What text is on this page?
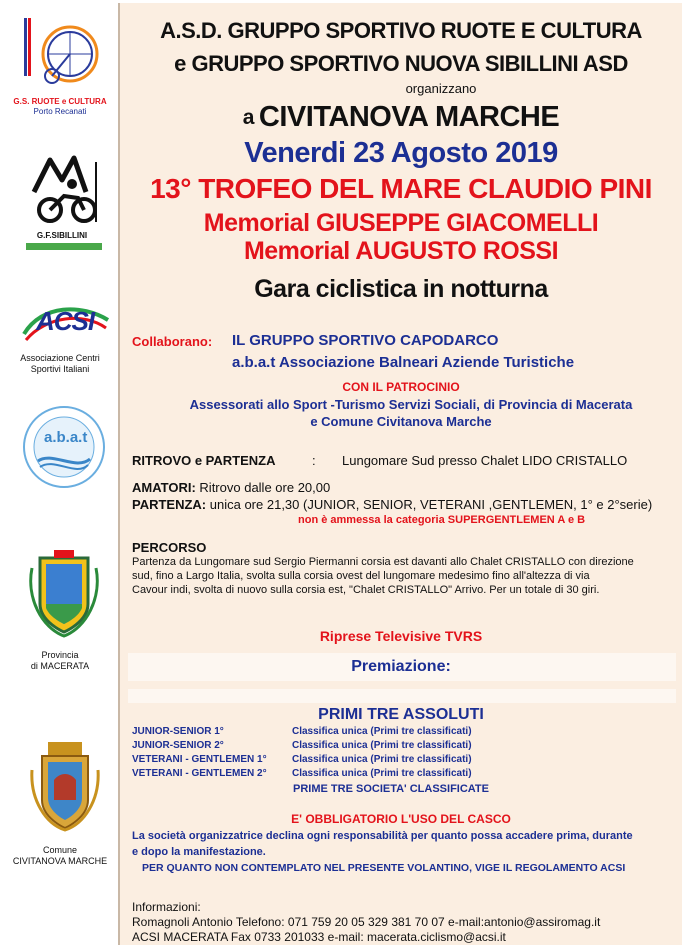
G.S. RUOTE e CULTURA
Porto Recanati
G.F.SIBILLINI
ACSI
Associazione Centri
Sportivi Italiani
a.b.a.t
Provincia
di MACERATA
Comune
CIVITANOVA MARCHE
A.S.D. GRUPPO SPORTIVO RUOTE E CULTURA
e GRUPPO SPORTIVO NUOVA SIBILLINI ASD
organizzano
a CIVITANOVA MARCHE
Venerdi 23 Agosto 2019
13° TROFEO DEL MARE CLAUDIO PINI
Memorial GIUSEPPE GIACOMELLI
Memorial AUGUSTO ROSSI
Gara ciclistica in notturna
Collaborano: IL GRUPPO SPORTIVO CAPODARCO
a.b.a.t Associazione Balneari Aziende Turistiche
CON IL PATROCINIO
Assessorati allo Sport -Turismo Servizi Sociali, di Provincia di Macerata
e Comune Civitanova Marche
RITROVO e PARTENZA	: Lungomare Sud presso Chalet LIDO CRISTALLO
AMATORI: Ritrovo dalle ore 20,00
PARTENZA: unica ore 21,30 (JUNIOR, SENIOR, VETERANI ,GENTLEMEN, 1° e 2°serie)
non è ammessa la categoria SUPERGENTLEMEN A e B
PERCORSO
Partenza da Lungomare sud Sergio Piermanni corsia est davanti allo Chalet CRISTALLO con direzione
sud, fino a Largo Italia, svolta sulla corsia ovest del lungomare medesimo fino all'altezza di via
Cavour indi, svolta di nuovo sulla corsia est, "Chalet CRISTALLO" Arrivo. Per un totale di 30 giri.
Riprese Televisive TVRS
Premiazione:
PRIMI TRE ASSOLUTI
JUNIOR-SENIOR 1°	Classifica unica (Primi tre classificati)
JUNIOR-SENIOR 2°	Classifica unica (Primi tre classificati)
VETERANI - GENTLEMEN 1°	Classifica unica (Primi tre classificati)
VETERANI - GENTLEMEN 2°	Classifica unica (Primi tre classificati)
PRIME TRE SOCIETA' CLASSIFICATE
E' OBBLIGATORIO L'USO DEL CASCO
La società organizzatrice declina ogni responsabilità per quanto possa accadere prima, durante
e dopo la manifestazione.
PER QUANTO NON CONTEMPLATO NEL PRESENTE VOLANTINO, VIGE IL REGOLAMENTO ACSI
Informazioni:
Romagnoli Antonio Telefono: 071 759 20 05 329 381 70 07 e-mail:antonio@assiromag.it
ACSI MACERATA Fax 0733 201033 e-mail: macerata.ciclismo@acsi.it
